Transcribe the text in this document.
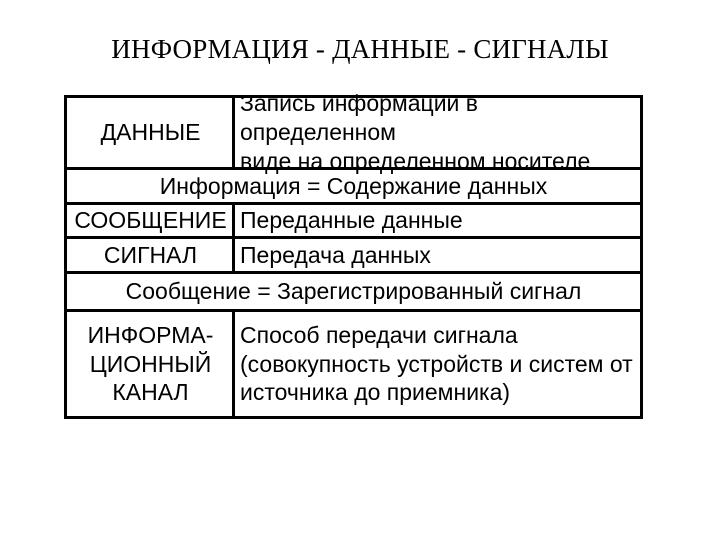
ИНФОРМАЦИЯ - ДАННЫЕ - СИГНАЛЫ
ДАННЫЕ
Запись информации в определенном
виде на определенном носителе
Информация = Содержание данных
СООБЩЕНИЕ Переданные данные
СИГНАЛ Передача данных
Сообщение = Зарегистрированный сигнал
ИНФОРМА-
ЦИОННЫЙ
КАНАЛ
Способ передачи сигнала
(совокупность устройств и систем от
источника до приемника)
